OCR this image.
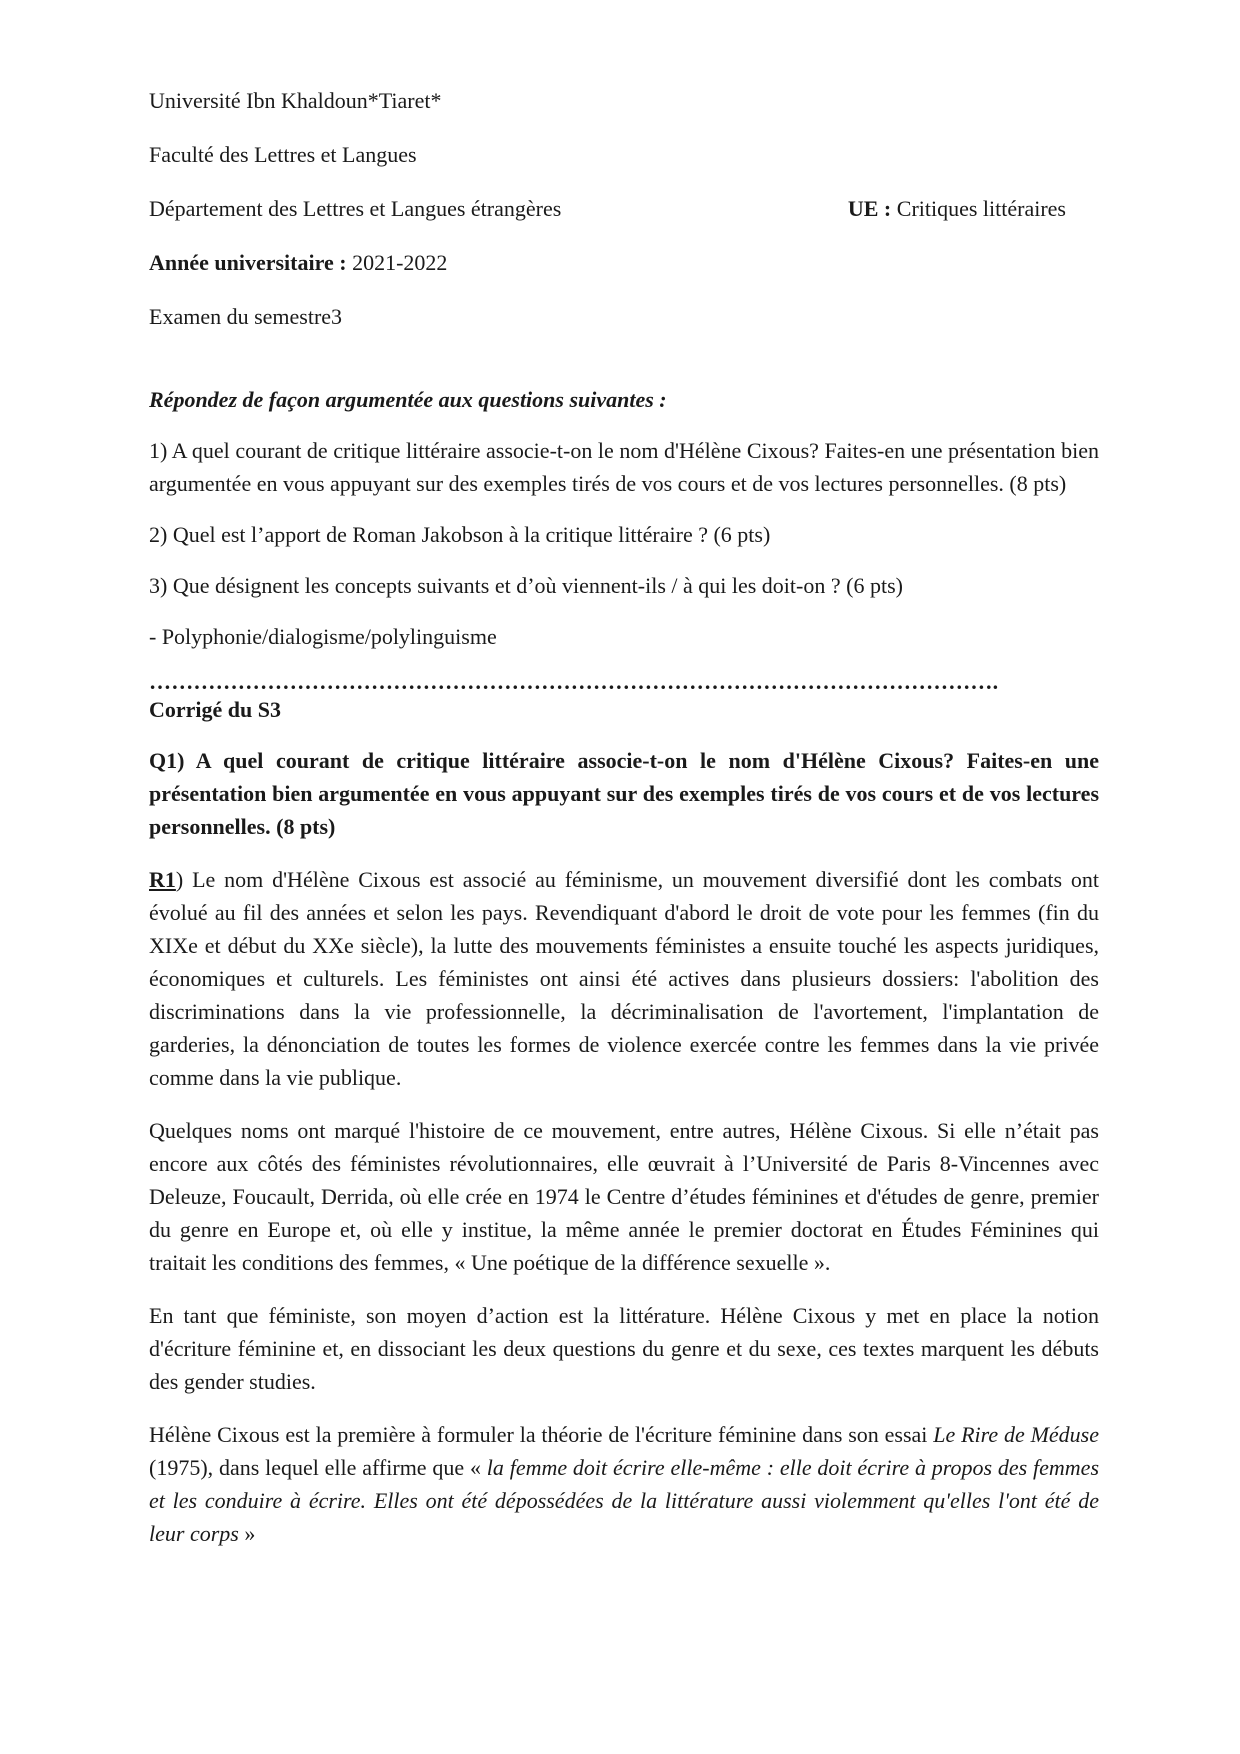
Université Ibn Khaldoun*Tiaret*
Faculté des Lettres et Langues
Département des Lettres et Langues étrangères	UE : Critiques littéraires
Année universitaire : 2021-2022
Examen du semestre3
Répondez de façon argumentée aux questions suivantes :
1) A quel courant de critique littéraire associe-t-on le nom d'Hélène Cixous? Faites-en une présentation bien argumentée en vous appuyant sur des exemples tirés de vos cours et de vos lectures personnelles. (8 pts)
2) Quel est l’apport de Roman Jakobson à la critique littéraire ? (6 pts)
3) Que désignent les concepts suivants et d’où viennent-ils / à qui les doit-on ? (6 pts)
- Polyphonie/dialogisme/polylinguisme
…………………………………………………………………………………………………….
Corrigé du S3
Q1) A quel courant de critique littéraire associe-t-on le nom d'Hélène Cixous? Faites-en une présentation bien argumentée en vous appuyant sur des exemples tirés de vos cours et de vos lectures personnelles. (8 pts)
R1) Le nom d'Hélène Cixous est associé au féminisme, un mouvement diversifié dont les combats ont évolué au fil des années et selon les pays. Revendiquant d'abord le droit de vote pour les femmes (fin du XIXe et début du XXe siècle), la lutte des mouvements féministes a ensuite touché les aspects juridiques, économiques et culturels. Les féministes ont ainsi été actives dans plusieurs dossiers: l'abolition des discriminations dans la vie professionnelle, la décriminalisation de l'avortement, l'implantation de garderies, la dénonciation de toutes les formes de violence exercée contre les femmes dans la vie privée comme dans la vie publique.
Quelques noms ont marqué l'histoire de ce mouvement, entre autres, Hélène Cixous. Si elle n’était pas encore aux côtés des féministes révolutionnaires, elle œuvrait à l’Université de Paris 8-Vincennes avec Deleuze, Foucault, Derrida, où elle crée en 1974 le Centre d’études féminines et d'études de genre, premier du genre en Europe et, où elle y institue, la même année le premier doctorat en Études Féminines qui traitait les conditions des femmes, « Une poétique de la différence sexuelle ».
En tant que féministe, son moyen d’action est la littérature. Hélène Cixous y met en place la notion d'écriture féminine et, en dissociant les deux questions du genre et du sexe, ces textes marquent les débuts des gender studies.
Hélène Cixous est la première à formuler la théorie de l'écriture féminine dans son essai Le Rire de Méduse (1975), dans lequel elle affirme que « la femme doit écrire elle-même : elle doit écrire à propos des femmes et les conduire à écrire. Elles ont été dépossédées de la littérature aussi violemment qu'elles l'ont été de leur corps »
